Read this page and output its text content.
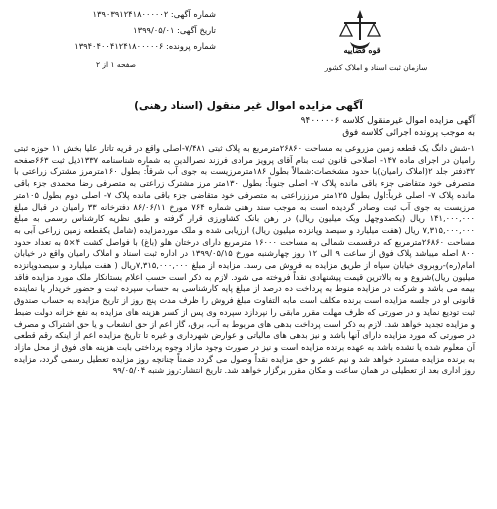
شماره آگهی: ۱۳۹۰۳۹۱۲۴۱۸۰۰۰۰۰۲
تاریخ آگهی: ۱۳۹۹/۰۵/۰۱
شماره پرونده: ۱۳۹۴۰۴۰۰۴۱۲۴۱۸۰۰۰۰۰۶	قوه قضاییه
سازمان ثبت اسناد و املاک کشور
صفحه ۱ از ۲
آگهی مزایده اموال غیر منقول (اسناد رهنی)
آگهی مزایده اموال غیرمنقول کلاسه ۹۴۰۰۰۰۰۶
به موجب پرونده اجرائی کلاسه فوق
۱-شش دانگ یک قطعه زمین مزروعی به مساحت ۲۶۸۶۰مترمربع به پلاک ثبتی ۷/۴۸۱-اصلی واقع در قریه تاتار علیا بخش ۱۱ حوزه ثبتی رامیان در اجرای ماده ۱۴۷- اصلاحی قانون ثبت بنام آقای پرویز مرادی فرزند نصرالدین به شماره شناسنامه ۱۳۳۷ذیل ثبت ۶۶۳صفحه ۳۲دفتر جلد ۲(املاک رامیان)با حدود مشخصات:شمالاً بطول ۱۸۶مترمرزیست به جوی آب شرقاً: بطول ۱۶۰مترمرز مشترک زراعتی با متصرفی خود متقاضی جزء باقی مانده پلاک ۷- اصلی جنوباً: بطول ۱۳۰متر مرز مشترک زراعتی به متصرفی رضا محمدی جزء باقی مانده پلاک ۷- اصلی غرباً:اول بطول ۱۲۵متر مرززراعتی به متصرفی خود متقاضی جزء باقی مانده پلاک ۷- اصلی دوم بطول ۱۰۵متر مرزیست به جوی آب ثبت وصادر گردیده است به موجب سند رهنی شماره ۷۶۴ مورخ ۸۶/۰۶/۱۱ دفترخانه ۳۳ رامیان در قبال مبلغ ۱۴۱,۰۰۰,۰۰۰ ریال (یکصدوچهل ویک میلیون ریال) در رهن بانک کشاورزی قرار گرفته و طبق نظریه کارشناس رسمی به مبلغ ۷,۳۱۵,۰۰۰,۰۰۰ ریال (هفت میلیارد و سیصد وپانزده میلیون ریال) ارزیابی شده و ملک موردمزایده (شامل یکقطعه زمین زراعی آبی به مساحت ۲۶۸۶۰مترمربع که درقسمت شمالی به مساحت ۱۶۰۰۰ مترمربع دارای درختان هلو (باغ) با فواصل کشت ۴×۵ به تعداد حدود ۸۰۰ اصله میباشد پلاک فوق از ساعت ۹ الی ۱۲ روز چهارشنبه مورخ ۱۳۹۹/۰۵/۱۵ در اداره ثبت اسناد و املاک رامیان واقع در خیابان امام(ره)-روبروی خیابان سپاه از طریق مزایده به فروش می رسد. مزایده از مبلغ ۷,۳۱۵,۰۰۰,۰۰۰ریال ( هفت میلیارد و سیصدوپانزده میلیون ریال)شروع و به بالاترین قیمت پیشنهادی نقداً فروخته می شود. لازم به ذکر است حسب اعلام بستانکار ملک مورد مزایده فاقد بیمه می باشد و شرکت در مزایده منوط به پرداخت ده درصد از مبلغ پایه کارشناسی به حساب سپرده ثبت و حضور خریدار یا نماینده قانونی او در جلسه مزایده است برنده مکلف است مابه التفاوت مبلغ فروش را ظرف مدت پنج روز از تاریخ مزایده به حساب صندوق ثبت تودیع نماید و در صورتی که ظرف مهلت مقرر مابقی را نپردازد سپرده وی پس از کسر هزینه های مزایده به نفع خزانه دولت ضبط و مزایده تجدید خواهد شد. لازم به ذکر است پرداخت بدهی های مربوط به آب، برق، گاز اعم از حق انشعاب و یا حق اشتراک و مصرف در صورتی که مورد مزایده دارای آنها باشد و نیز بدهی های مالیاتی و عوارض شهرداری و غیره تا تاریخ مزایده اعم از اینکه رقم قطعی آن معلوم شده یا نشده باشد به عهده برنده مزایده است و نیز در صورت وجود مازاد وجوه پرداختی بابت هزینه های فوق از محل مازاد به برنده مزایده مسترد خواهد شد و نیم عشر و حق مزایده نقداً وصول می گردد ضمناً چنانچه روز مزایده تعطیل رسمی گردد، مزایده روز اداری بعد از تعطیلی در همان ساعت و مکان مقرر برگزار خواهد شد. تاریخ انتشار:روز شنبه ۹۹/۰۵/۰۴
